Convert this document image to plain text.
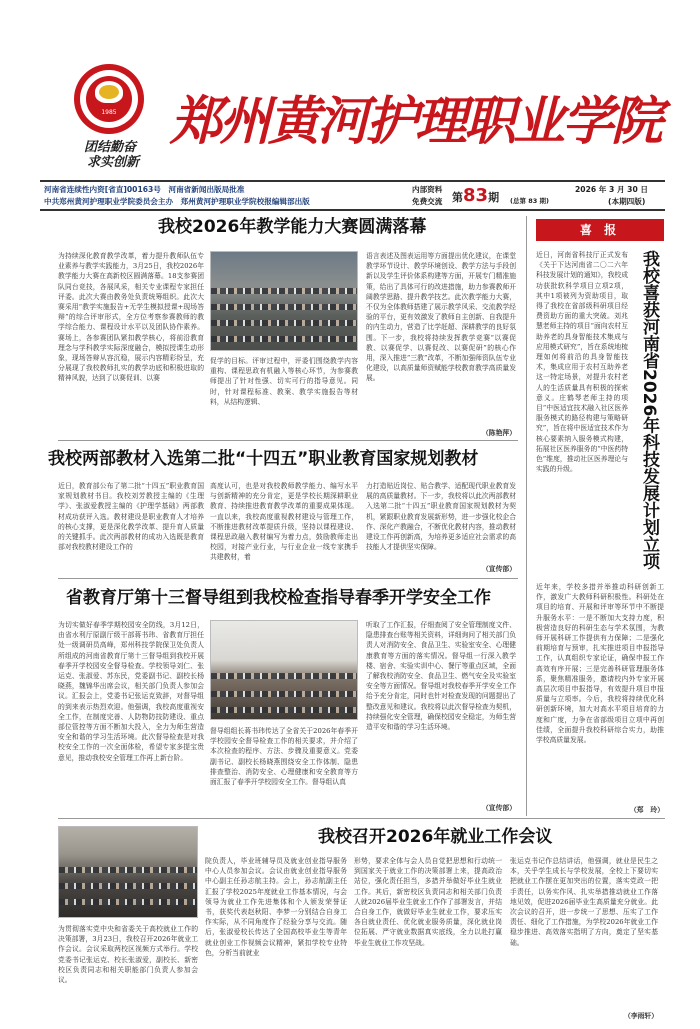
1985
团结勤奋
求实创新
郑州黄河护理职业学院
河南省连续性内资[省直]00163号　河南省新闻出版局批准
中共郑州黄河护理职业学院委员会主办　郑州黄河护理职业学院校报编辑部出版
内部资料
免费交流 第83期 (总第 83 期)
2026 年 3 月 30 日
(本期四版)
我校2026年教学能力大赛圆满落幕
为持续深化教育教学改革，着力提升教师队伍专业素养与教学实践能力，3月25日，我校2026年教学能力大赛在高新校区圆满落幕。18支参赛团队同台竞技，各展风采，相关专业课程专家担任评委。此次大赛由教务处负责统筹组织。此次大赛采用“教学实施报告+无学生模拟授课+现场答辩”的综合评审形式，全方位考察参赛教师的教学综合能力、课程设计水平以及团队协作素养。赛场上，各参赛团队紧扣教学核心，将前沿教育理念与学科教学实际深度融合，模拟授课生动形象，现场答辩从容沉稳，展示内容精彩纷呈，充分展现了我校教师扎实的教学功底和积极进取的精神风貌，达到了以赛促训、以赛
促学的目标。评审过程中，评委们围绕教学内容重构、课程思政有机融入等核心环节，为参赛教师提出了针对性强、切实可行的指导意见。同时，针对课程标准、教案、教学实施报告等材料，从结构逻辑、
语言表述及图表运用等方面提出优化建议，在课堂教学环节设计、教学环境创设、教学方法与手段创新以及学生评价体系构建等方面，开展专门精准施策，给出了具体可行的改进措施，助力参赛教师开阔教学思路、提升教学技艺。此次教学能力大赛，不仅为全体教师搭建了展示教学风采、交流教学经验的平台，更有效激发了教师自主创新、自我提升的内生动力，营造了比学赶超、深耕教学的良好氛围。下一步，我校将持续发挥教学竞赛“以赛促教、以赛促学、以赛促改、以赛促研”的核心作用，深入推进“三教”改革，不断加强师资队伍专业化建设，以高质量师资赋能学校教育教学高质量发展。
（陈艳萍）
我校两部教材入选第二批“十四五”职业教育国家规划教材
近日，教育部公布了第二批“十四五”职业教育国家规划教材书目。我校刘芳教授主编的《生理学》、张淑爱教授主编的《护理学基础》两部教材成功获评入选。教材建设是职业教育人才培养的核心支撑，更是深化教学改革、提升育人质量的关键抓手。此次两部教材的成功入选既是教育部对我校教材建设工作的
高度认可，也是对我校教师教学能力、编写水平与创新精神的充分肯定，更是学校长期深耕职业教育、持续推进教育教学改革的重要成果体现。一直以来，我校高度重视教材建设与管理工作，不断推进教材改革提质升级，坚持以课程建设、课程思政融入教材编写为着力点，鼓励教师走出校园，对接产业行业，与行业企业一线专家携手共建教材，着
力打造贴近岗位、贴合教学、适配现代职业教育发展的高质量教材。下一步，我校将以此次两部教材入选第二批“十四五”职业教育国家规划教材为契机，紧跟职业教育发展新形势，进一步强化校企合作、深化产教融合，不断优化教材内容，推动教材建设工作再创新高，为培养更多适应社会需求的高技能人才提供坚实保障。
（宣传部）
省教育厅第十三督导组到我校检查指导春季开学安全工作
为切实做好春季学期校园安全防线，3月12日，由省水利厅原副厅级干部蒋书玮、省教育厅担任处一级调研员高峰，郑州科技学院保卫处负责人所组成的河南省教育厅第十三督导组到我校开展春季开学校园安全督导检查。学校领导刘仁、张运克、张淑爱、苏东民，党委副书记、副校长杨晓燕，魏锦华出席会议，相关部门负责人参加会议。汇报会上，党委书记张运克致辞，对督导组的到来表示热烈欢迎。他强调，我校高度重视安全工作，在制度完善、人防物防技防建设、重点部位管控等方面不断加大投入，全力为师生营造安全和谐的学习生活环境。此次督导检查是对我校安全工作的一次全面体检，希望专家多提宝贵意见，推动我校安全管理工作再上新台阶。
督导组组长蒋书玮传达了全省关于2026年春季开学校园安全督导检查工作的相关要求，并介绍了本次检查的程序、方法、步骤及重要意义。党委副书记、副校长杨晓燕围绕安全工作体制、隐患排查整治、消防安全、心理健康和安全教育等方面汇报了春季开学校园安全工作。督导组认真
听取了工作汇报，仔细查阅了安全管理制度文件、隐患排查台账等相关资料，详细询问了相关部门负责人对消防安全、食品卫生、实验室安全、心理健康教育等方面的落实情况。督导组一行深入教学楼、宿舍、实验实训中心、餐厅等重点区域，全面了解我校消防安全、食品卫生、燃气安全及实验室安全等方面情况。督导组对我校春季开学安全工作给予充分肯定，同时也针对检查发现的问题提出了整改意见和建议。我校将以此次督导检查为契机，持续强化安全管理，确保校园安全稳定，为师生营造平安和谐的学习生活环境。
（宣传部）
我校召开2026年就业工作会议
为贯彻落实党中央和省委关于高校就业工作的决策部署，3月23日，我校召开2026年就业工作会议。会议采取两校区视频方式举行。学校党委书记张运克、校长张淑爱，副校长、新密校区负责同志和相关职能部门负责人参加会议。
院负责人，毕业班辅导员及就业创业指导服务中心人员参加会议。会议由就业创业指导服务中心副主任孙志航主持。会上，孙志航副主任汇报了学校2025年度就业工作基本情况，与会领导为就业工作先进集体和个人颁发荣誉证书，获奖代表赵秋阳、李梦一分别结合自身工作实际，从不同角度作了经验分享与交流。随后，张淑爱校长传达了全国高校毕业生等青年就业创业工作视频会议精神，紧扣学校专业特色，分析当前就业
形势，要求全体与会人员自觉把思想和行动统一到国家关于就业工作的决策部署上来，提高政治站位，强化责任担当，多措并举做好毕业生就业工作。其后，新密校区负责同志和相关部门负责人就2026届毕业生就业工作作了部署发言，并结合自身工作，就做好毕业生就业工作，要求压实各自就业责任、优化就业服务质量，深化就业岗位拓展、严守就业数据真实底线，全力以赴打赢毕业生就业工作攻坚战。
张运克书记作总结讲话，他强调，就业是民生之本，关乎学生成长与学校发展，全校上下要切实把就业工作摆在更加突出的位置，落实党政一把手责任，以务实作风、扎实举措推动就业工作落地见效，促进2026届毕业生高质量充分就业。此次会议的召开，进一步统一了思想、压实了工作责任、细化了工作措施，为学校2026年就业工作稳步推进、高效落实指明了方向，奠定了坚实基础。
（李雨轩）
喜 报
近日，河南省科技厅正式发布《关于下达河南省二〇二六年科技发展计划的通知》，我校成功获批软科学项目立项2项，其中1项被列为资助项目，取得了我校在省部级科研项目经费资助方面的重大突破。刘兆慧老师主持的项目“面向农村互助养老的具身智能技术集成与应用模式研究”，旨在系统地梳理如何将前沿的具身智能技术，集成应用于农村互助养老这一特定场景，对提升农村老人的生活质量具有积极的探索意义。庄鹤琴老师主持的项目“中医适宜技术融入社区医养服务模式的路径构建与策略研究”，旨在将中医适宜技术作为核心要素纳入服务模式构建，拓展社区医养服务的“中医药特色”维度，推动社区医养理论与实践的升级。	我校喜获河南省2026年科技发展计划立项
近年来，学校多措并举推动科研创新工作，激发广大教师科研积极性。科研处在项目的培育、开展和评审等环节中不断提升服务水平：一是不断加大支持力度，积极营造良好的科研生态与学术氛围，为教师开展科研工作提供有力保障；二是强化前期培育与预审，扎实推进项目申报指导工作，认真组织专家论证，确保申报工作高效有序开展；三是完善科研管理服务体系，聚焦精准服务，邀请校内外专家开展高层次项目申报指导，有效提升项目申报质量与立项率。今后，我校将持续优化科研创新环境，加大对高水平项目培育的力度和广度，力争在省部级项目立项中再创佳绩，全面提升我校科研综合实力，助推学校高质量发展。
（郑　玲）
